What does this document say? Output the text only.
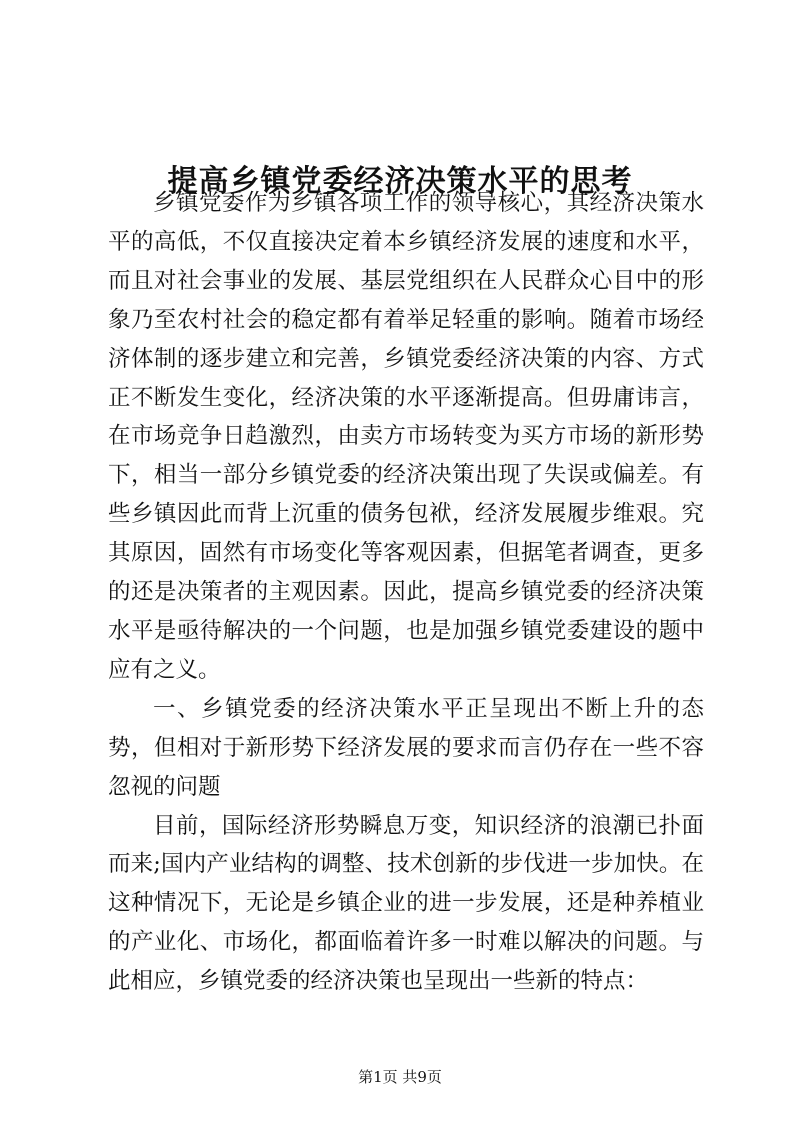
提高乡镇党委经济决策水平的思考

乡镇党委作为乡镇各项工作的领导核心，其经济决策水平的高低，不仅直接决定着本乡镇经济发展的速度和水平，而且对社会事业的发展、基层党组织在人民群众心目中的形象乃至农村社会的稳定都有着举足轻重的影响。随着市场经济体制的逐步建立和完善，乡镇党委经济决策的内容、方式正不断发生变化，经济决策的水平逐渐提高。但毋庸讳言，在市场竞争日趋激烈，由卖方市场转变为买方市场的新形势下，相当一部分乡镇党委的经济决策出现了失误或偏差。有些乡镇因此而背上沉重的债务包袱，经济发展履步维艰。究其原因，固然有市场变化等客观因素，但据笔者调查，更多的还是决策者的主观因素。因此，提高乡镇党委的经济决策水平是亟待解决的一个问题，也是加强乡镇党委建设的题中应有之义。

一、乡镇党委的经济决策水平正呈现出不断上升的态势，但相对于新形势下经济发展的要求而言仍存在一些不容忽视的问题

目前，国际经济形势瞬息万变，知识经济的浪潮已扑面而来;国内产业结构的调整、技术创新的步伐进一步加快。在这种情况下，无论是乡镇企业的进一步发展，还是种养植业的产业化、市场化，都面临着许多一时难以解决的问题。与此相应，乡镇党委的经济决策也呈现出一些新的特点：

第1页 共9页
